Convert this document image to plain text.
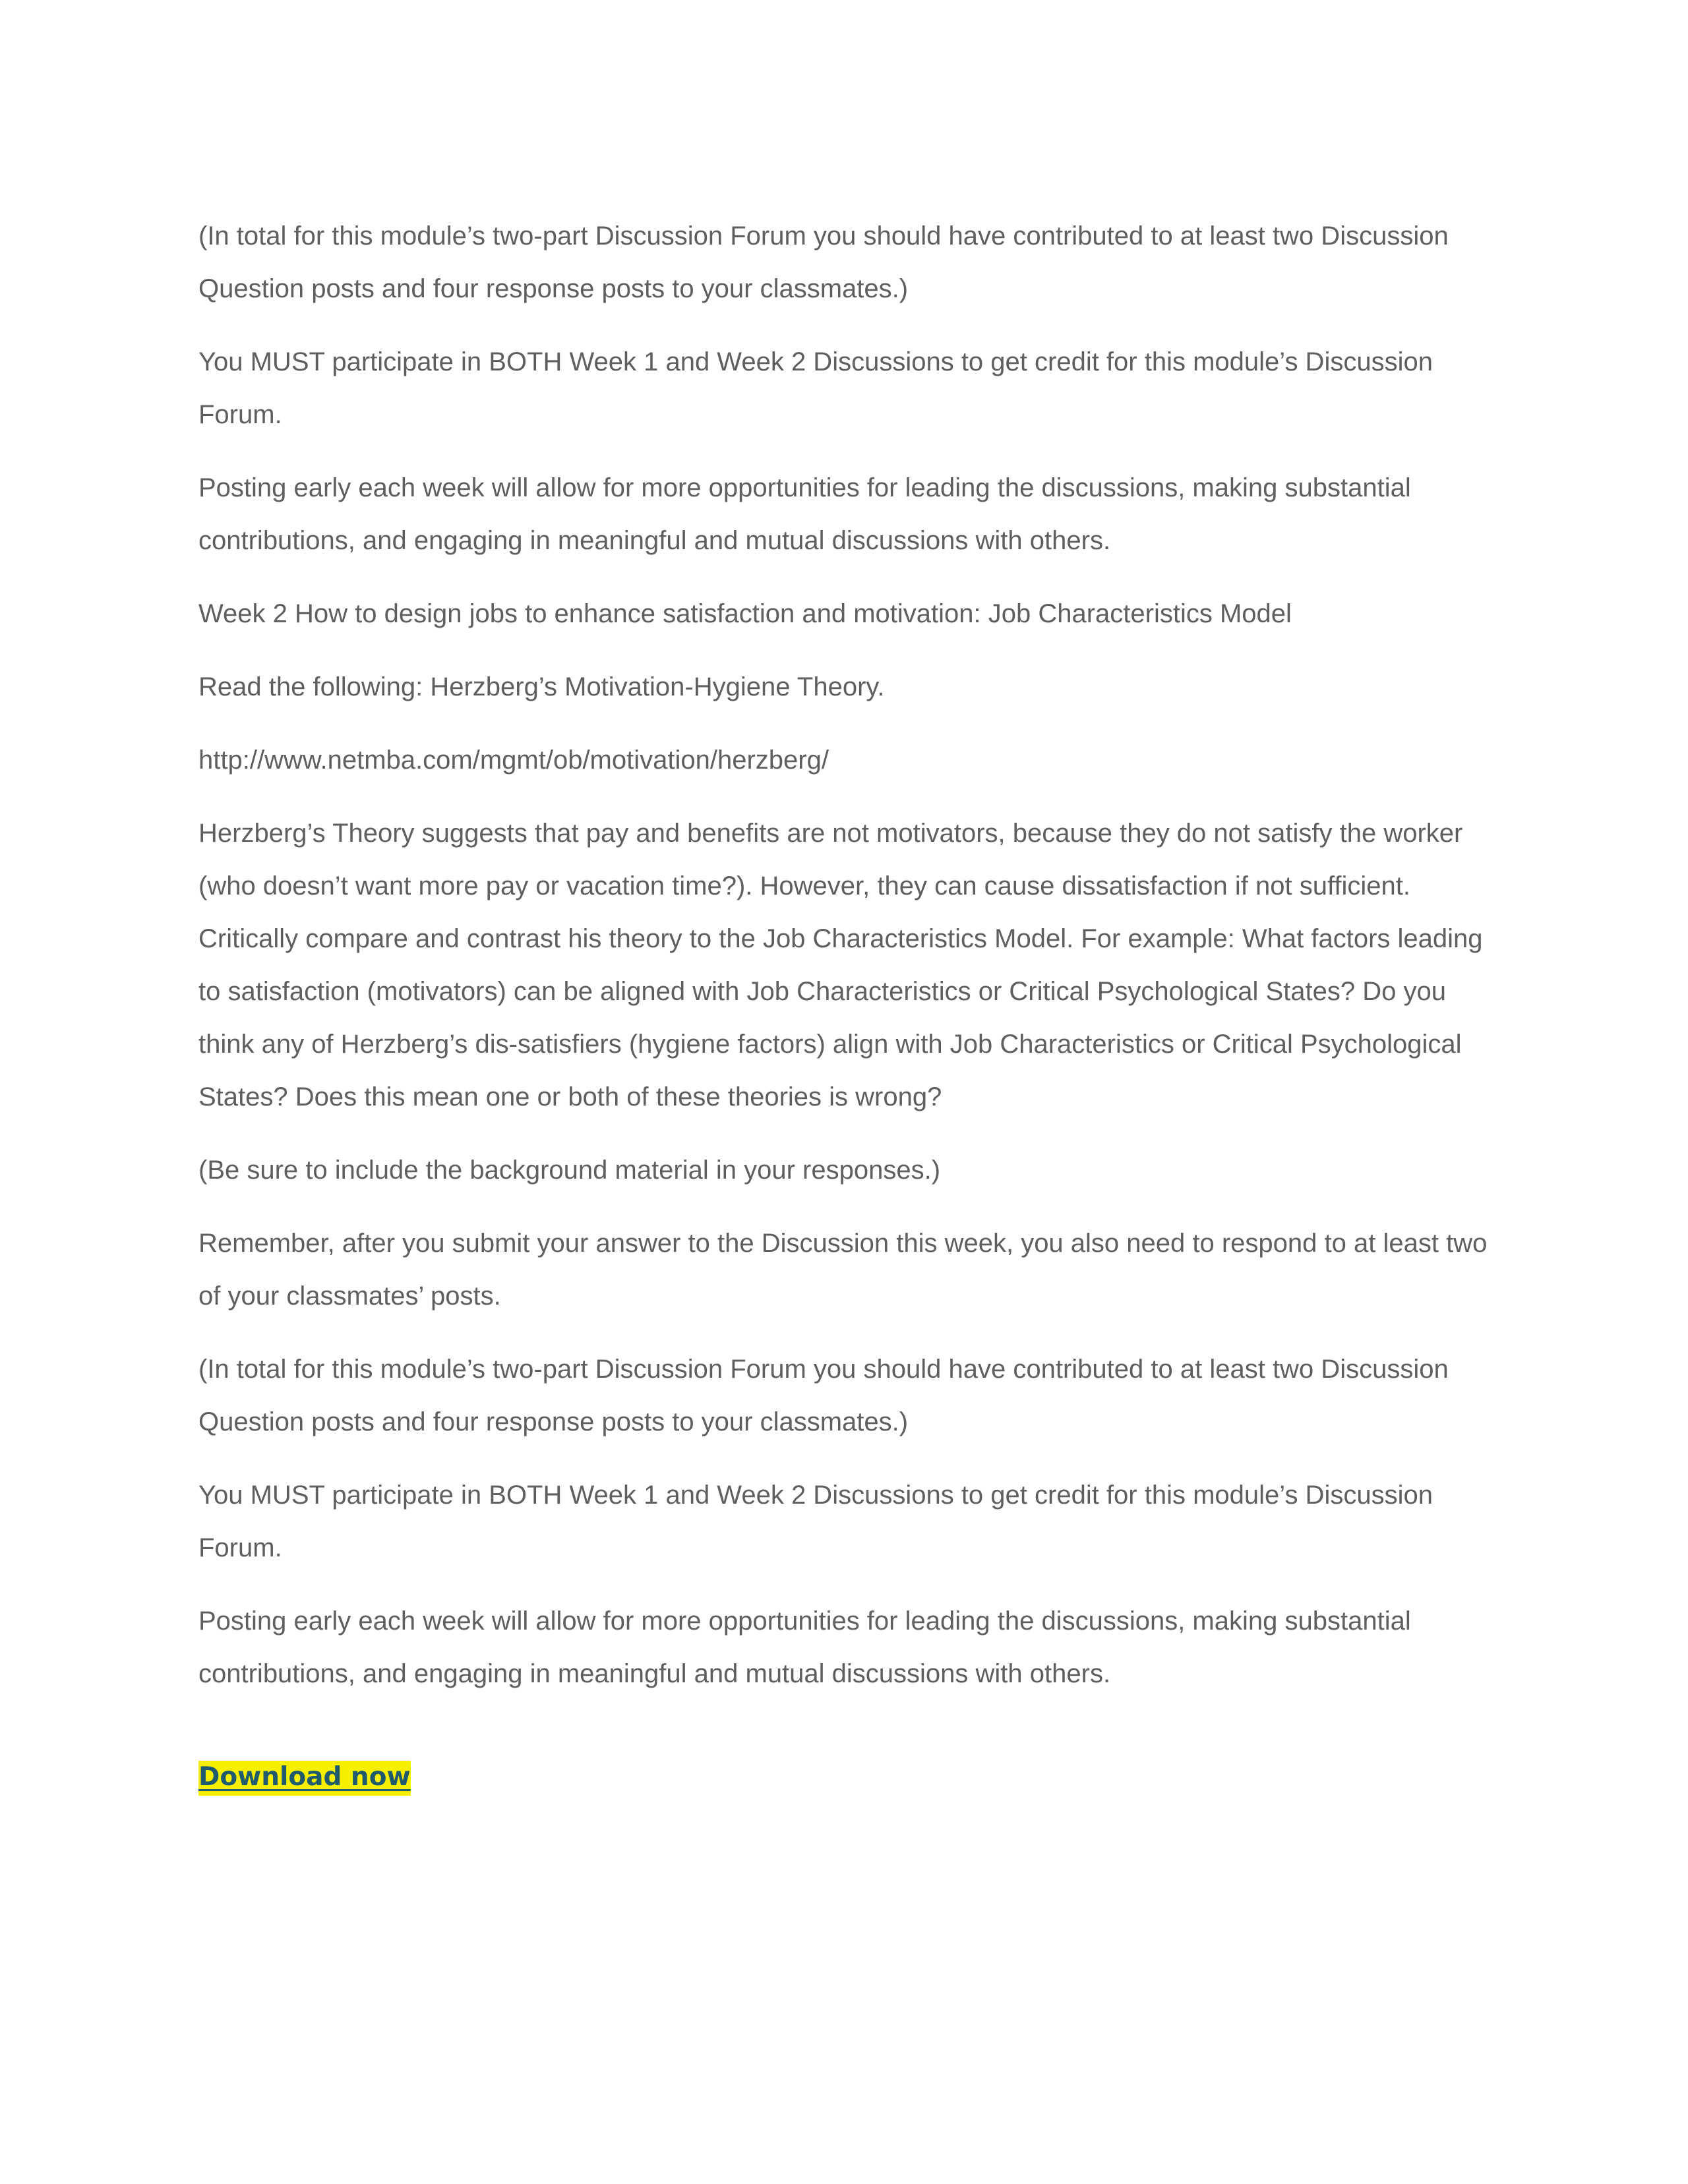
(In total for this module’s two-part Discussion Forum you should have contributed to at least two Discussion Question posts and four response posts to your classmates.)

You MUST participate in BOTH Week 1 and Week 2 Discussions to get credit for this module’s Discussion Forum.

Posting early each week will allow for more opportunities for leading the discussions, making substantial contributions, and engaging in meaningful and mutual discussions with others.

Week 2 How to design jobs to enhance satisfaction and motivation: Job Characteristics Model

Read the following: Herzberg’s Motivation-Hygiene Theory.

http://www.netmba.com/mgmt/ob/motivation/herzberg/

Herzberg’s Theory suggests that pay and benefits are not motivators, because they do not satisfy the worker (who doesn’t want more pay or vacation time?). However, they can cause dissatisfaction if not sufficient. Critically compare and contrast his theory to the Job Characteristics Model. For example: What factors leading to satisfaction (motivators) can be aligned with Job Characteristics or Critical Psychological States? Do you think any of Herzberg’s dis-satisfiers (hygiene factors) align with Job Characteristics or Critical Psychological States? Does this mean one or both of these theories is wrong?

(Be sure to include the background material in your responses.)

Remember, after you submit your answer to the Discussion this week, you also need to respond to at least two of your classmates’ posts.

(In total for this module’s two-part Discussion Forum you should have contributed to at least two Discussion Question posts and four response posts to your classmates.)

You MUST participate in BOTH Week 1 and Week 2 Discussions to get credit for this module’s Discussion Forum.

Posting early each week will allow for more opportunities for leading the discussions, making substantial contributions, and engaging in meaningful and mutual discussions with others.

Download now
